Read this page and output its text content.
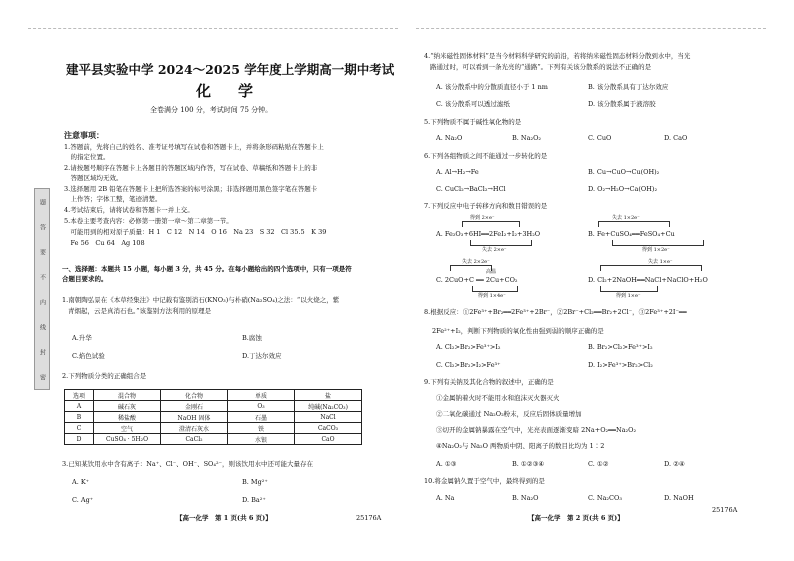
题
答
要
不
内
线
封
密
建平县实验中学 2024～2025 学年度上学期高一期中考试
化　学
全卷满分 100 分，考试时间 75 分钟。
注意事项：
1.答题前，先将自己的姓名、准考证号填写在试卷和答题卡上，并将条形码粘贴在答题卡上
　的指定位置。
2.请按题号顺序在答题卡上各题目的答题区域内作答，写在试卷、草稿纸和答题卡上的非
　答题区域均无效。
3.选择题用 2B 铅笔在答题卡上把所选答案的标号涂黑；非选择题用黑色签字笔在答题卡
　上作答；字体工整，笔迹清楚。
4.考试结束后，请将试卷和答题卡一并上交。
5.本卷主要考查内容：必修第一册第一章～第二章第一节。
　可能用到的相对原子质量：H 1　C 12　N 14　O 16　Na 23　S 32　Cl 35.5　K 39
　Fe 56　Cu 64　Ag 108
一、选择题：本题共 15 小题，每小题 3 分，共 45 分。在每小题给出的四个选项中，只有一项是符
合题目要求的。
1.南朝陶弘景在《本草经集注》中记载有鉴别消石(KNO₃)与朴硝(Na₂SO₄)之法：“以火烧之，紫
青烟起，云是真消石也。”该鉴别方法利用的原理是
A.升华	B.腐蚀
C.焰色试验	D.丁达尔效应
2.下列物质分类的正确组合是
选项	混合物	化合物	单质	盐
A	碱石灰	金刚石	O₃	纯碱(Na₂CO₃)
B	稀盐酸	NaOH 固体	石墨	NaCl
C	空气	澄清石灰水	铁	CaCO₃
D	CuSO₄ · 5H₂O	CaCl₂	水银	CaO
3.已知某饮用水中含有离子：Na⁺、Cl⁻、OH⁻、SO₄²⁻，则该饮用水中还可能大量存在
A. K⁺	B. Mg²⁺
C. Ag⁺	D. Ba²⁺
【高一化学　第 1 页(共 6 页)】	25176A
4.“纳米磁性固体材料”是当今材料科学研究的前沿，若将纳米磁性固态材料分散到水中，当光
路通过时，可以看到一条光亮的“通路”。下列有关该分散系的说法不正确的是
A. 该分散系中的分散质直径小于 1 nm	B. 该分散系具有丁达尔效应
C. 该分散系可以透过滤纸	D. 该分散系属于液溶胶
5.下列物质不属于碱性氧化物的是
A. Na₂O	B. Na₂O₂	C. CuO	D. CaO
6.下列各组物质之间不能通过一步转化的是
A. Al→H₂→Fe	B. Cu→CuO→Cu(OH)₂
C. CuCl₂→BaCl₂→HCl	D. O₂→H₂O→Ca(OH)₂
7.下列反应中电子转移方向和数目错误的是
得到 2×e⁻
A. Fe₂O₃+6HI══2FeI₂+I₂+3H₂O
失去 2×e⁻
失去 1×2e⁻
B. Fe+CuSO₄══FeSO₄+Cu
得到 1×2e⁻
失去 2×2e⁻
高温
C. 2CuO+C ══ 2Cu+CO₂
得到 1×4e⁻
失去 1×e⁻
D. Cl₂+2NaOH══NaCl+NaClO+H₂O
得到 1×e⁻
8.根据反应：①2Fe³⁺+Br₂══2Fe³⁺+2Br⁻，②2Br⁻+Cl₂══Br₂+2Cl⁻，③2Fe³⁺+2I⁻══
2Fe²⁺+I₂，判断下列物质的氧化性由强到弱的顺序正确的是
A. Cl₂>Br₂>Fe³⁺>I₂	B. Br₂>Cl₂>Fe³⁺>I₂
C. Cl₂>Br₂>I₂>Fe³⁺	D. I₂>Fe³⁺>Br₂>Cl₂
9.下列有关钠及其化合物的叙述中，正确的是
①金属钠着火时不能用水和泡沫灭火器灭火
②二氧化碳通过 Na₂O₂粉末，反应后固体质量增加
③切开的金属钠暴露在空气中，光亮表面逐渐变暗 2Na+O₂══Na₂O₂
④Na₂O₂与 Na₂O 两物质中阴、阳离子的数目比均为 1∶2
A. ①③	B. ①②③④	C. ①②	D. ②④
10.将金属钠久置于空气中，最终得到的是
A. Na	B. Na₂O	C. Na₂CO₃	D. NaOH
【高一化学　第 2 页(共 6 页)】
25176A
